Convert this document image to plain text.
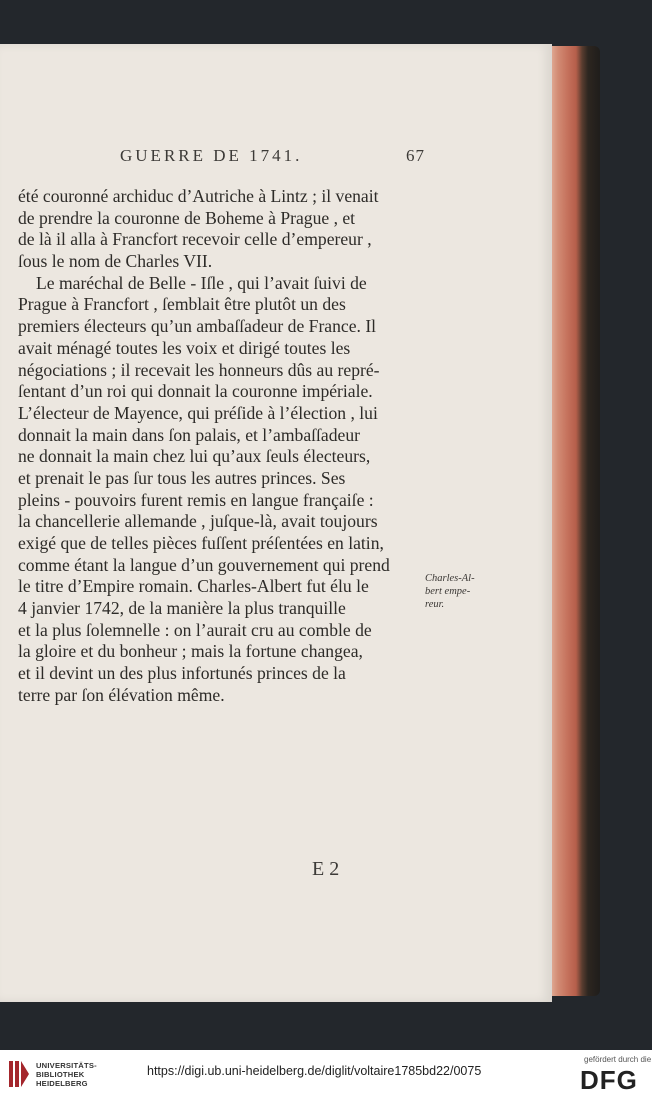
GUERRE DE 1741.	67
été couronné archiduc d’Autriche à Lintz ; il venait
de prendre la couronne de Boheme à Prague , et
de là il alla à Francfort recevoir celle d’empereur ,
ſous le nom de Charles VII.
Le maréchal de Belle - Iſle , qui l’avait ſuivi de
Prague à Francfort , ſemblait être plutôt un des
premiers électeurs qu’un ambaſſadeur de France. Il
avait ménagé toutes les voix et dirigé toutes les
négociations ; il recevait les honneurs dûs au repré-
ſentant d’un roi qui donnait la couronne impériale.
L’électeur de Mayence, qui préſide à l’élection , lui
donnait la main dans ſon palais, et l’ambaſſadeur
ne donnait la main chez lui qu’aux ſeuls électeurs,
et prenait le pas ſur tous les autres princes. Ses
pleins - pouvoirs furent remis en langue françaiſe :
la chancellerie allemande , juſque-là, avait toujours
exigé que de telles pièces fuſſent préſentées en latin,
comme étant la langue d’un gouvernement qui prend
le titre d’Empire romain. Charles-Albert fut élu le
4 janvier 1742, de la manière la plus tranquille
et la plus ſolemnelle : on l’aurait cru au comble de
la gloire et du bonheur ; mais la fortune changea,
et il devint un des plus infortunés princes de la
terre par ſon élévation même.
Charles-Al-
bert empe-
reur.
E 2
UNIVERSITÄTS-
BIBLIOTHEK
HEIDELBERG
https://digi.ub.uni-heidelberg.de/diglit/voltaire1785bd22/0075
gefördert durch die
DFG
